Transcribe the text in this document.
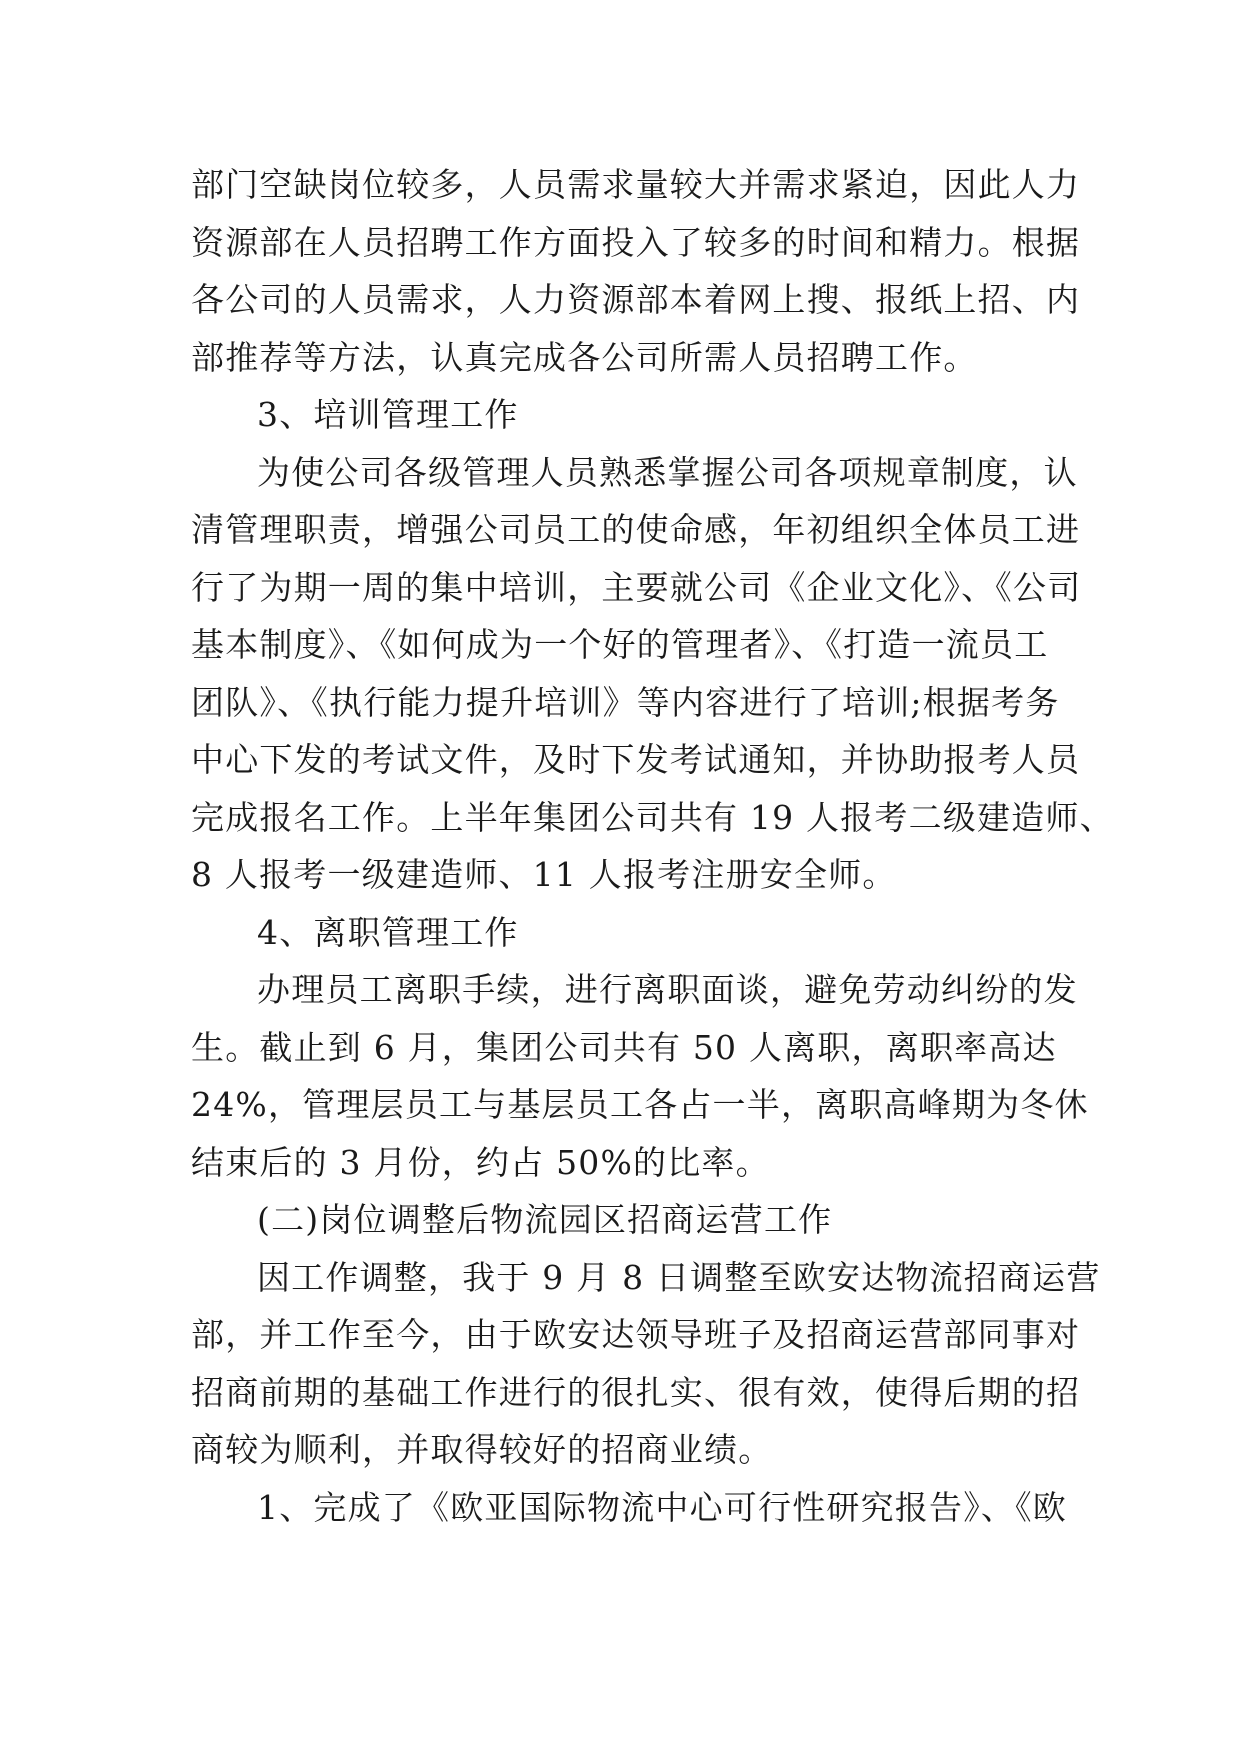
部门空缺岗位较多，人员需求量较大并需求紧迫，因此人力
资源部在人员招聘工作方面投入了较多的时间和精力。根据
各公司的人员需求，人力资源部本着网上搜、报纸上招、内
部推荐等方法，认真完成各公司所需人员招聘工作。
3、培训管理工作
为使公司各级管理人员熟悉掌握公司各项规章制度，认
清管理职责，增强公司员工的使命感，年初组织全体员工进
行了为期一周的集中培训，主要就公司《企业文化》、《公司
基本制度》、《如何成为一个好的管理者》、《打造一流员工
团队》、《执行能力提升培训》等内容进行了培训;根据考务
中心下发的考试文件，及时下发考试通知，并协助报考人员
完成报名工作。上半年集团公司共有 19 人报考二级建造师、
8 人报考一级建造师、11 人报考注册安全师。
4、离职管理工作
办理员工离职手续，进行离职面谈，避免劳动纠纷的发
生。截止到 6 月，集团公司共有 50 人离职，离职率高达
24%，管理层员工与基层员工各占一半，离职高峰期为冬休
结束后的 3 月份，约占 50%的比率。
(二)岗位调整后物流园区招商运营工作
因工作调整，我于 9 月 8 日调整至欧安达物流招商运营
部，并工作至今，由于欧安达领导班子及招商运营部同事对
招商前期的基础工作进行的很扎实、很有效，使得后期的招
商较为顺利，并取得较好的招商业绩。
1、完成了《欧亚国际物流中心可行性研究报告》、《欧
